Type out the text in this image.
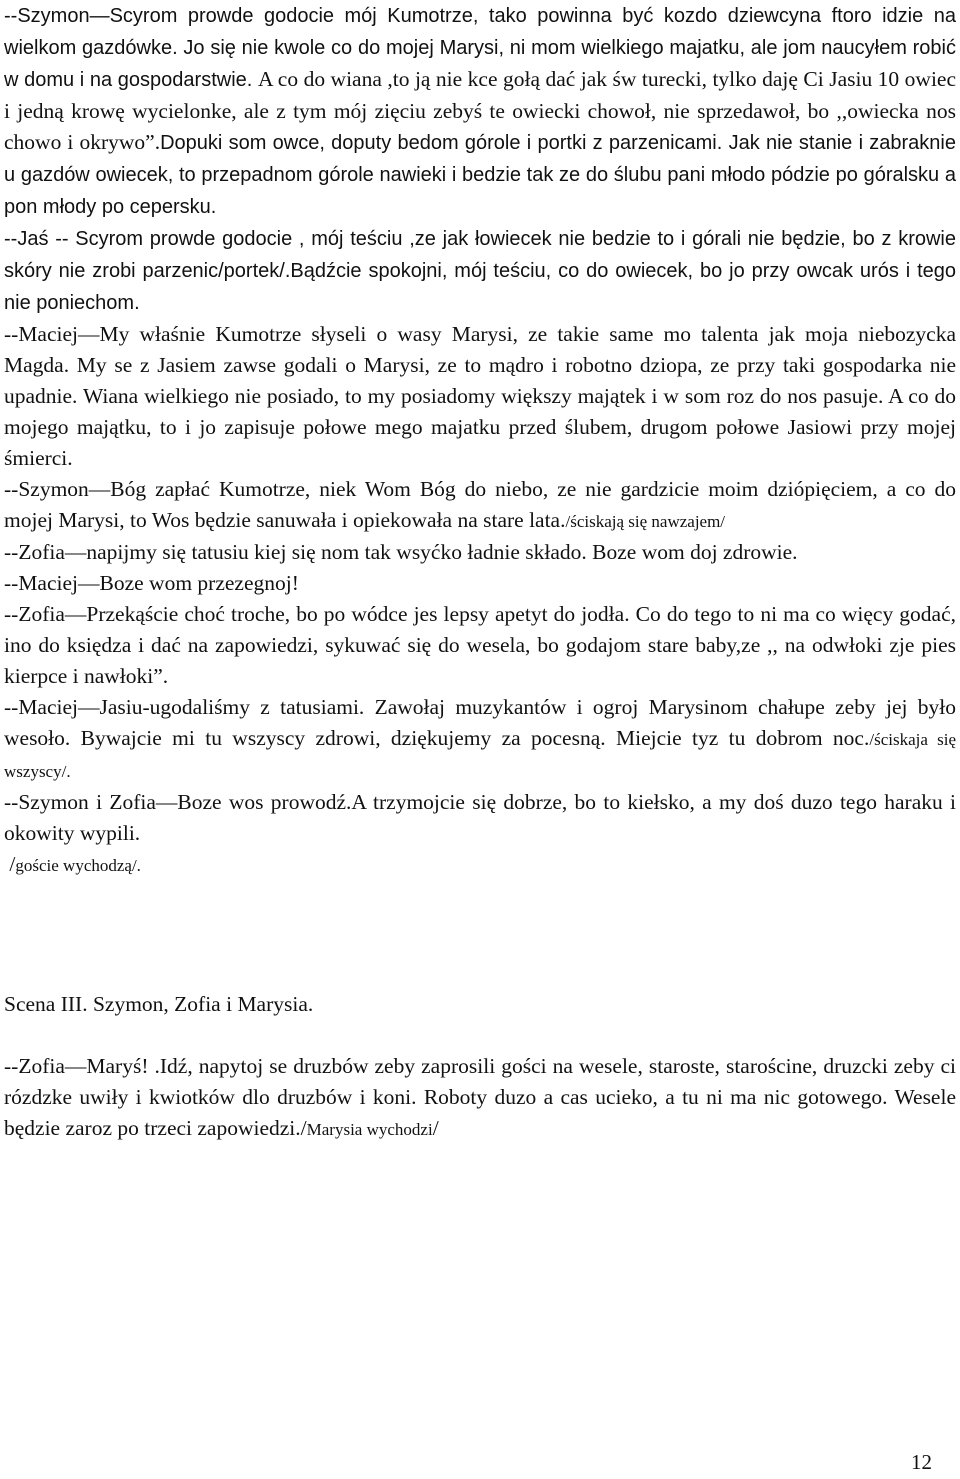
--Szymon—Scyrom prowde godocie mój Kumotrze, tako powinna być kozdo dziewcyna ftoro idzie na wielkom gazdówke. Jo się nie kwole co do mojej Marysi, ni mom wielkiego majatku, ale jom naucyłem robić w domu i na gospodarstwie. A co do wiana ,to ją nie kce gołą dać jak św turecki, tylko daję Ci Jasiu 10 owiec i jedną krowę wycielonke, ale z tym mój zięciu zebyś te owiecki chowoł, nie sprzedawoł, bo ,,owiecka nos chowo i okrywo”.Dopuki som owce, doputy bedom górole i portki z parzenicami. Jak nie stanie i zabraknie u gazdów owiecek, to przepadnom górole nawieki i bedzie tak ze do ślubu pani młodo pódzie po góralsku a pon młody po cepersku.

--Jaś -- Scyrom prowde godocie , mój teściu ,ze jak łowiecek nie bedzie to i górali nie będzie, bo z krowie skóry nie zrobi parzenic/portek/.Bądźcie spokojni, mój teściu, co do owiecek, bo jo przy owcak urós i tego nie poniechom.

--Maciej—My właśnie Kumotrze słyseli o wasy Marysi, ze takie same mo talenta jak moja niebozycka Magda. My se z Jasiem zawse godali o Marysi, ze to mądro i robotno dziopa, ze przy taki gospodarka nie upadnie. Wiana wielkiego nie posiado, to my posiadomy większy majątek i w som roz do nos pasuje. A co do mojego majątku, to i jo zapisuje połowe mego majatku przed ślubem, drugom połowe Jasiowi przy mojej śmierci.

--Szymon—Bóg zapłać Kumotrze, niek Wom Bóg do niebo, ze nie gardzicie moim dziópięciem, a co do mojej Marysi, to Wos będzie sanuwała i opiekowała na stare lata./ściskają się nawzajem/

--Zofia—napijmy się tatusiu kiej się nom tak wsyćko ładnie składo. Boze wom doj zdrowie.

--Maciej—Boze wom przezegnoj!

--Zofia—Przekąście choć troche, bo po wódce jes lepsy apetyt do jodła. Co do tego to ni ma co więcy godać, ino do księdza i dać na zapowiedzi, sykuwać się do wesela, bo godajom stare baby,ze ,, na odwłoki zje pies kierpce i nawłoki”.

--Maciej—Jasiu-ugodaliśmy z tatusiami. Zawołaj muzykantów i ogroj Marysinom chałupe zeby jej było wesoło. Bywajcie mi tu wszyscy zdrowi, dziękujemy za pocesną. Miejcie tyz tu dobrom noc./ściskaja się wszyscy/.

--Szymon i Zofia—Boze wos prowodź.A trzymojcie się dobrze, bo to kiełsko, a my doś duzo tego haraku i okowity wypili.

/goście wychodzą/.

Scena III. Szymon, Zofia i Marysia.

--Zofia—Maryś! .Idź, napytoj se druzbów zeby zaprosili gości na wesele, staroste, starościne, druzcki zeby ci rózdzke uwiły i kwiotków dlo druzbów i koni. Roboty duzo a cas ucieko, a tu ni ma nic gotowego. Wesele będzie zaroz po trzeci zapowiedzi./Marysia wychodzi/

12
